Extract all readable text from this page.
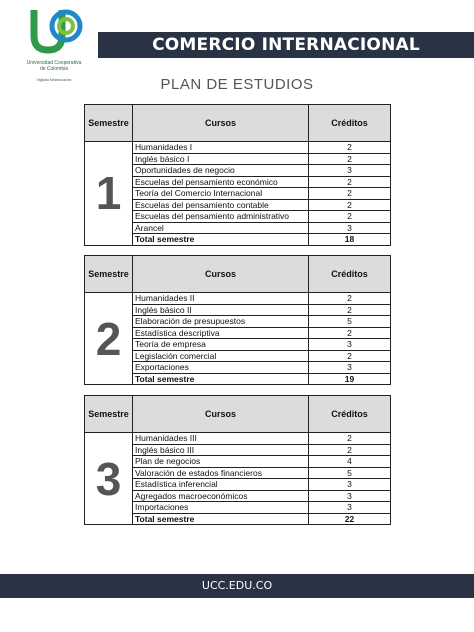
Universidad Cooperativa
de Colombia
Vigilada Mineducación
COMERCIO INTERNACIONAL
PLAN DE ESTUDIOS
Semestre	Cursos	Créditos
1	Humanidades I	2
	Inglés básico I	2
	Oportunidades de negocio	3
	Escuelas del pensamiento económico	2
	Teoría del Comercio Internacional	2
	Escuelas del pensamiento contable	2
	Escuelas del pensamiento administrativo	2
	Arancel	3
	Total semestre	18
Semestre	Cursos	Créditos
2	Humanidades II	2
	Inglés básico II	2
	Elaboración de presupuestos	5
	Estadística descriptiva	2
	Teoría de empresa	3
	Legislación comercial	2
	Exportaciones	3
	Total semestre	19
Semestre	Cursos	Créditos
3	Humanidades III	2
	Inglés básico III	2
	Plan de negocios	4
	Valoración de estados financieros	5
	Estadística inferencial	3
	Agregados macroeconómicos	3
	Importaciones	3
	Total semestre	22
UCC.EDU.CO
